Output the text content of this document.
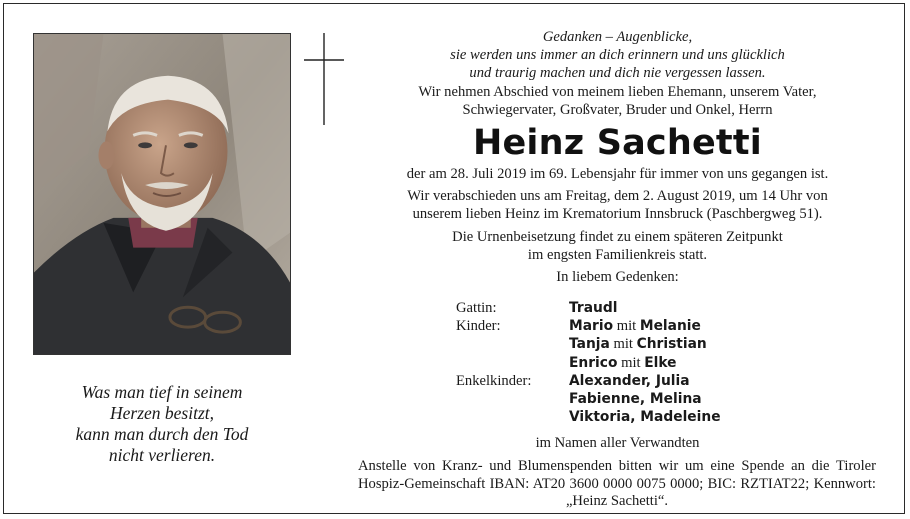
Gedanken – Augenblicke,

sie werden uns immer an dich erinnern und uns glücklich

und traurig machen und dich nie vergessen lassen.

Wir nehmen Abschied von meinem lieben Ehemann, unserem Vater,

Schwiegervater, Großvater, Bruder und Onkel, Herrn

Heinz Sachetti

der am 28. Juli 2019 im 69. Lebensjahr für immer von uns gegangen ist.

Wir verabschieden uns am Freitag, dem 2. August 2019, um 14 Uhr von

unserem lieben Heinz im Krematorium Innsbruck (Paschbergweg 51).

Die Urnenbeisetzung findet zu einem späteren Zeitpunkt

im engsten Familienkreis statt.

In liebem Gedenken:

Gattin:	Traudl
Kinder:	Mario mit Melanie
Tanja mit Christian
Enrico mit Elke
Enkelkinder:	Alexander, Julia
Fabienne, Melina
Viktoria, Madeleine
im Namen aller Verwandten
Anstelle von Kranz- und Blumenspenden bitten wir um eine Spende an die Tiroler Hospiz-Gemeinschaft IBAN: AT20 3600 0000 0075 0000; BIC: RZTIAT22; Kennwort:„Heinz Sachetti“.
Was man tief in seinem
Herzen besitzt,
kann man durch den Tod
nicht verlieren.
